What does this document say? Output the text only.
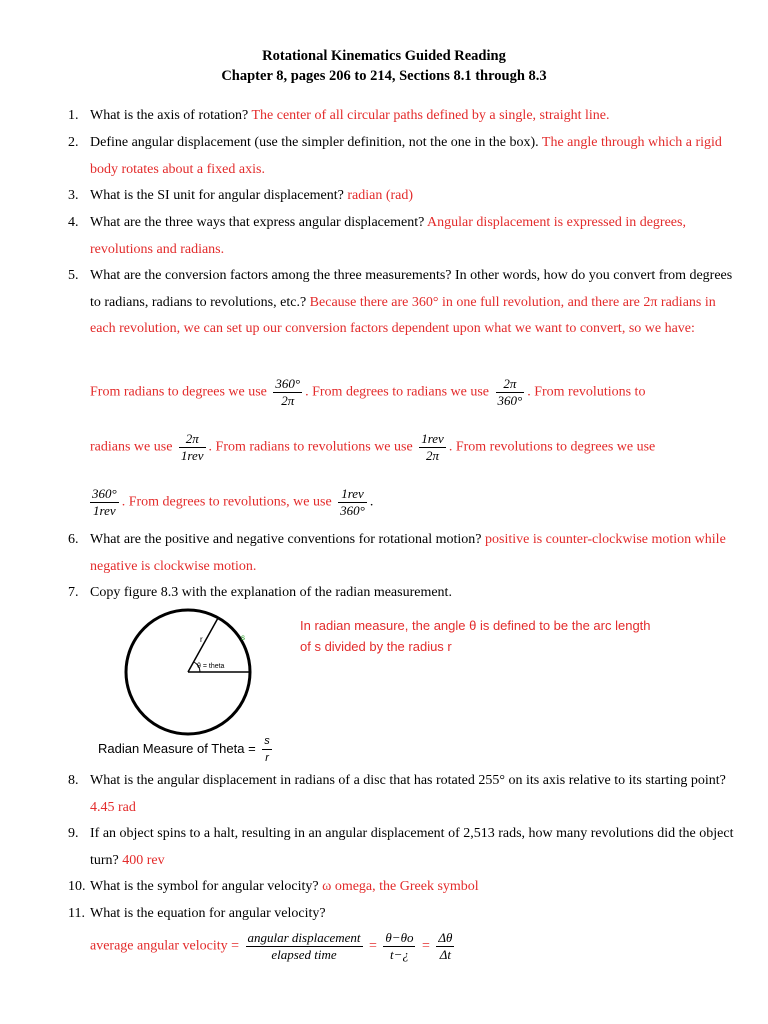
Rotational Kinematics Guided Reading
Chapter 8, pages 206 to 214, Sections 8.1 through 8.3
1. What is the axis of rotation? The center of all circular paths defined by a single, straight line.
2. Define angular displacement (use the simpler definition, not the one in the box). The angle through which a rigid body rotates about a fixed axis.
3. What is the SI unit for angular displacement? radian (rad)
4. What are the three ways that express angular displacement? Angular displacement is expressed in degrees, revolutions and radians.
5. What are the conversion factors among the three measurements? In other words, how do you convert from degrees to radians, radians to revolutions, etc.? Because there are 360° in one full revolution, and there are 2π radians in each revolution, we can set up our conversion factors dependent upon what we want to convert, so we have:
From radians to degrees we use $\frac{360^\circ}{2\pi}$ . From degrees to radians we use $\frac{2\pi}{360^\circ}$ . From revolutions to
radians we use $\frac{2\pi}{\text{1rev}}$ . From radians to revolutions we use $\frac{\text{1rev}}{2\pi}$ . From revolutions to degrees we use
$\frac{360^\circ}{\text{1rev}}$ . From degrees to revolutions, we use $\frac{\text{1rev}}{360^\circ}$ .
6. What are the positive and negative conventions for rotational motion? positive is counter-clockwise motion while negative is clockwise motion.
7. Copy figure 8.3 with the explanation of the radian measurement.
r	s
θ = theta
Radian Measure of Theta = $\frac{s}{r}$
In radian measure, the angle θ is defined to be the arc length of s divided by the radius r
8. What is the angular displacement in radians of a disc that has rotated 255° on its axis relative to its starting point? 4.45 rad
9. If an object spins to a halt, resulting in an angular displacement of 2,513 rads, how many revolutions did the object turn? 400 rev
10. What is the symbol for angular velocity? ω omega, the Greek symbol
11. What is the equation for angular velocity?
average angular velocity = $\frac{\text{angular displacement}}{\text{elapsed time}} = \frac{\theta-\theta o}{t-¿} = \frac{\Delta\theta}{\Delta t}$
